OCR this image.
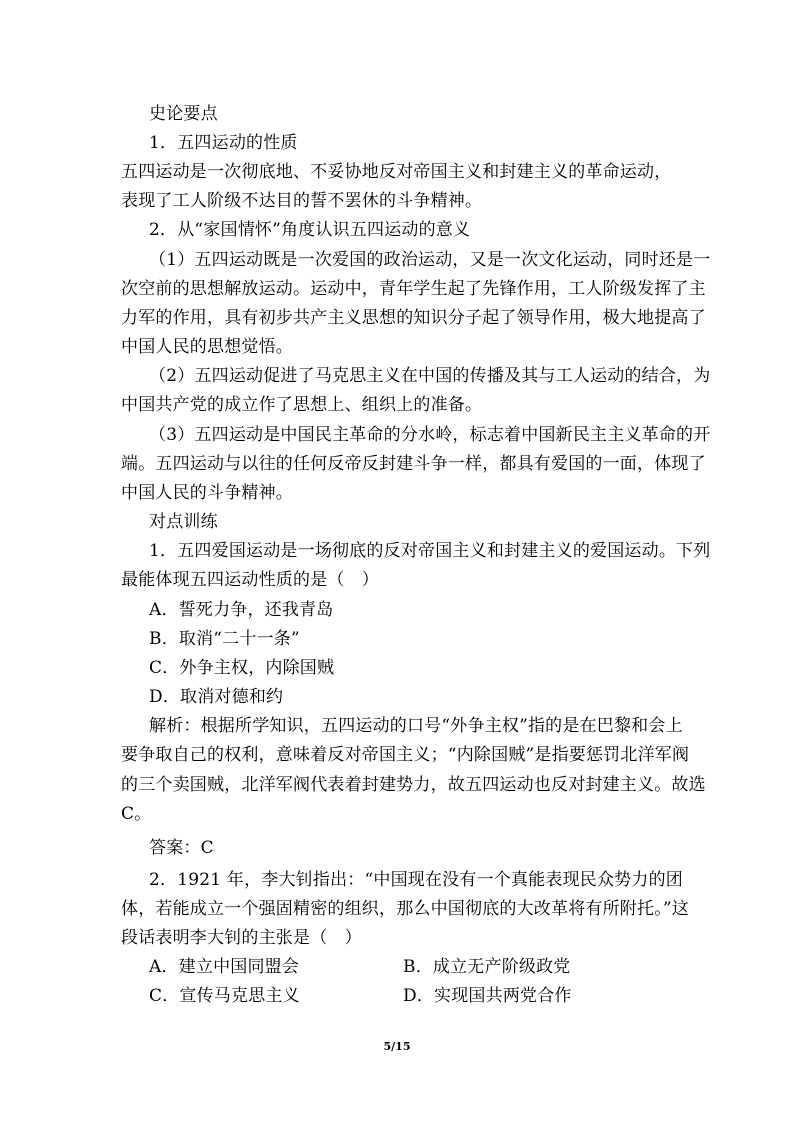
史论要点
1．五四运动的性质
五四运动是一次彻底地、不妥协地反对帝国主义和封建主义的革命运动，
表现了工人阶级不达目的誓不罢休的斗争精神。
2．从“家国情怀”角度认识五四运动的意义
（1）五四运动既是一次爱国的政治运动，又是一次文化运动，同时还是一
次空前的思想解放运动。运动中，青年学生起了先锋作用，工人阶级发挥了主
力军的作用，具有初步共产主义思想的知识分子起了领导作用，极大地提高了
中国人民的思想觉悟。
（2）五四运动促进了马克思主义在中国的传播及其与工人运动的结合，为
中国共产党的成立作了思想上、组织上的准备。
（3）五四运动是中国民主革命的分水岭，标志着中国新民主主义革命的开
端。五四运动与以往的任何反帝反封建斗争一样，都具有爱国的一面，体现了
中国人民的斗争精神。
对点训练
1．五四爱国运动是一场彻底的反对帝国主义和封建主义的爱国运动。下列
最能体现五四运动性质的是（　）
A．誓死力争，还我青岛
B．取消“二十一条”
C．外争主权，内除国贼
D．取消对德和约
解析：根据所学知识，五四运动的口号“外争主权”指的是在巴黎和会上
要争取自己的权利，意味着反对帝国主义；“内除国贼”是指要惩罚北洋军阀
的三个卖国贼，北洋军阀代表着封建势力，故五四运动也反对封建主义。故选
C。
答案：C
2．1921 年，李大钊指出：“中国现在没有一个真能表现民众势力的团
体，若能成立一个强固精密的组织，那么中国彻底的大改革将有所附托。”这
段话表明李大钊的主张是（　）
A．建立中国同盟会	B．成立无产阶级政党
C．宣传马克思主义	D．实现国共两党合作
5/15
